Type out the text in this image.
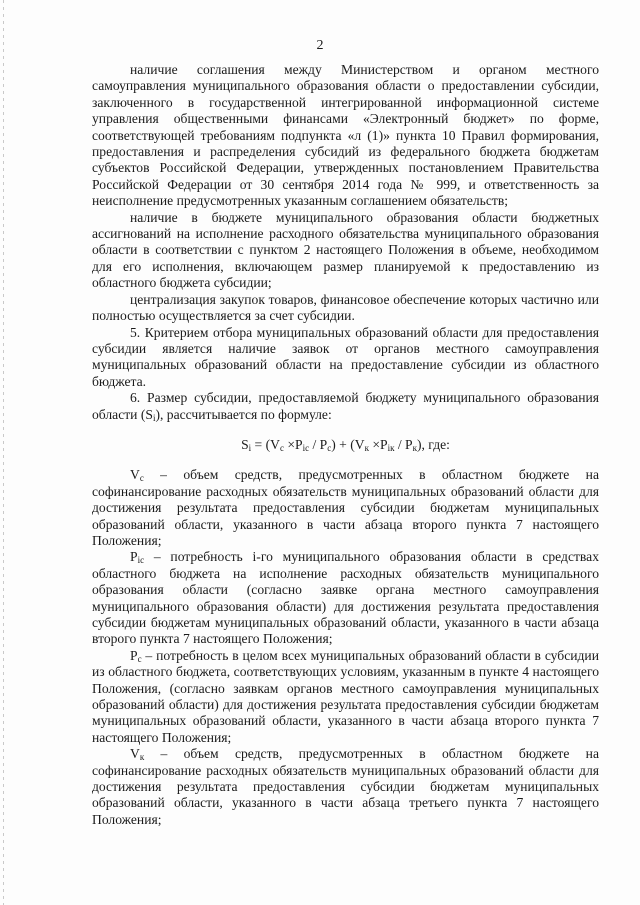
2

наличие соглашения между Министерством и органом местного самоуправления муниципального образования области о предоставлении субсидии, заключенного в государственной интегрированной информационной системе управления общественными финансами «Электронный бюджет» по форме, соответствующей требованиям подпункта «л (1)» пункта 10 Правил формирования, предоставления и распределения субсидий из федерального бюджета бюджетам субъектов Российской Федерации, утвержденных постановлением Правительства Российской Федерации от 30 сентября 2014 года № 999, и ответственность за неисполнение предусмотренных указанным соглашением обязательств;

наличие в бюджете муниципального образования области бюджетных ассигнований на исполнение расходного обязательства муниципального образования области в соответствии с пунктом 2 настоящего Положения в объеме, необходимом для его исполнения, включающем размер планируемой к предоставлению из областного бюджета субсидии;

централизация закупок товаров, финансовое обеспечение которых частично или полностью осуществляется за счет субсидии.

5. Критерием отбора муниципальных образований области для предоставления субсидии является наличие заявок от органов местного самоуправления муниципальных образований области на предоставление субсидии из областного бюджета.

6. Размер субсидии, предоставляемой бюджету муниципального образования области $(S_i)$, рассчитывается по формуле:

$S_i = (V_c \times P_{ic} / P_c) + (V_к \times P_{iк} / P_к)$, где:

$V_c$ – объем средств, предусмотренных в областном бюджете на софинансирование расходных обязательств муниципальных образований области для достижения результата предоставления субсидии бюджетам муниципальных образований области, указанного в части абзаца второго пункта 7 настоящего Положения;

$P_{ic}$ – потребность i-го муниципального образования области в средствах областного бюджета на исполнение расходных обязательств муниципального образования области (согласно заявке органа местного самоуправления муниципального образования области) для достижения результата предоставления субсидии бюджетам муниципальных образований области, указанного в части абзаца второго пункта 7 настоящего Положения;

$P_c$ – потребность в целом всех муниципальных образований области в субсидии из областного бюджета, соответствующих условиям, указанным в пункте 4 настоящего Положения, (согласно заявкам органов местного самоуправления муниципальных образований области) для достижения результата предоставления субсидии бюджетам муниципальных образований области, указанного в части абзаца второго пункта 7 настоящего Положения;

$V_к$ – объем средств, предусмотренных в областном бюджете на софинансирование расходных обязательств муниципальных образований области для достижения результата предоставления субсидии бюджетам муниципальных образований области, указанного в части абзаца третьего пункта 7 настоящего Положения;
